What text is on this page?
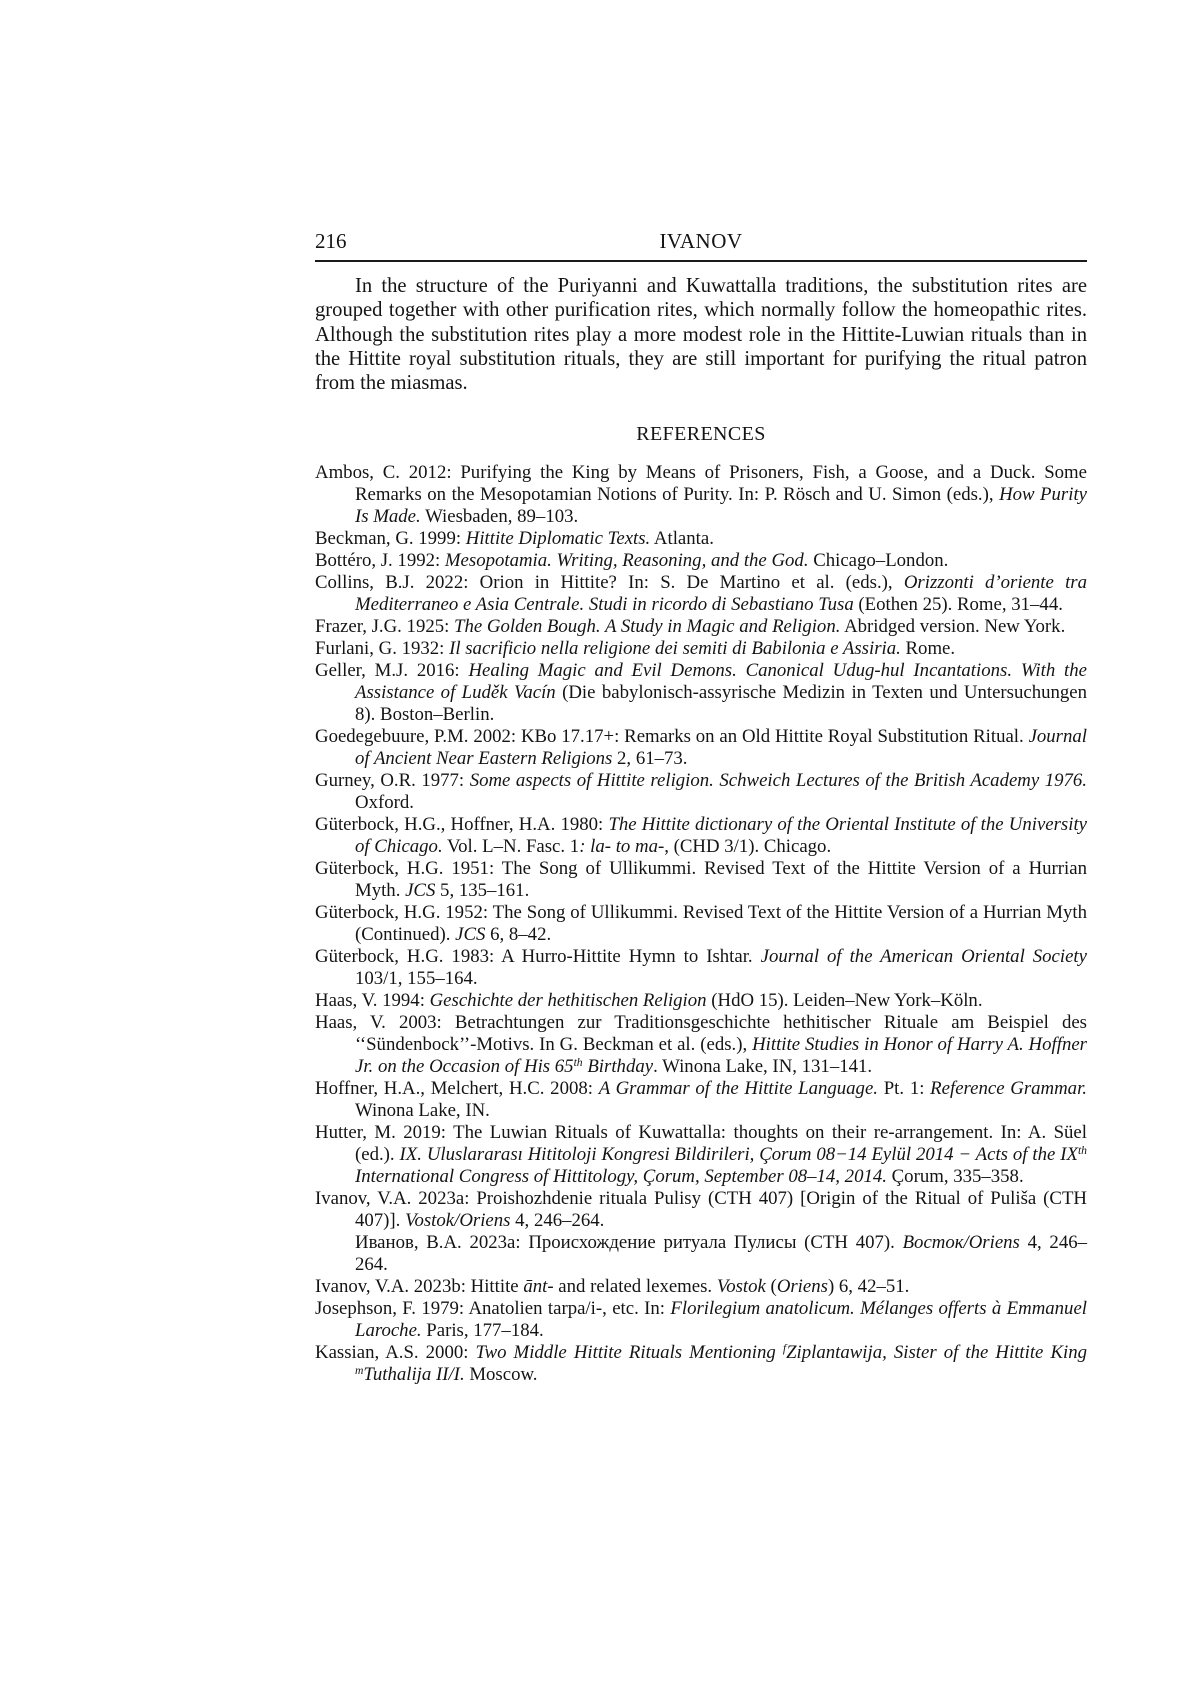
216	IVANOV

In the structure of the Puriyanni and Kuwattalla traditions, the substitution rites are grouped together with other purification rites, which normally follow the homeopathic rites. Although the substitution rites play a more modest role in the Hittite-Luwian rituals than in the Hittite royal substitution rituals, they are still important for purifying the ritual patron from the miasmas.

REFERENCES
Ambos, C. 2012: Purifying the King by Means of Prisoners, Fish, a Goose, and a Duck. Some Remarks on the Mesopotamian Notions of Purity. In: P. Rösch and U. Simon (eds.), How Purity Is Made. Wiesbaden, 89–103.
Beckman, G. 1999: Hittite Diplomatic Texts. Atlanta.
Bottéro, J. 1992: Mesopotamia. Writing, Reasoning, and the God. Chicago–London.
Collins, B.J. 2022: Orion in Hittite? In: S. De Martino et al. (eds.), Orizzonti d’oriente tra Mediterraneo e Asia Centrale. Studi in ricordo di Sebastiano Tusa (Eothen 25). Rome, 31–44.
Frazer, J.G. 1925: The Golden Bough. A Study in Magic and Religion. Abridged version. New York.
Furlani, G. 1932: Il sacrificio nella religione dei semiti di Babilonia e Assiria. Rome.
Geller, M.J. 2016: Healing Magic and Evil Demons. Canonical Udug-hul Incantations. With the Assistance of Luděk Vacín (Die babylonisch-assyrische Medizin in Texten und Untersuchungen 8). Boston–Berlin.
Goedegebuure, P.M. 2002: KBo 17.17+: Remarks on an Old Hittite Royal Substitution Ritual. Journal of Ancient Near Eastern Religions 2, 61–73.
Gurney, O.R. 1977: Some aspects of Hittite religion. Schweich Lectures of the British Academy 1976. Oxford.
Güterbock, H.G., Hoffner, H.A. 1980: The Hittite dictionary of the Oriental Institute of the University of Chicago. Vol. L–N. Fasc. 1: la- to ma-, (CHD 3/1). Chicago.
Güterbock, H.G. 1951: The Song of Ullikummi. Revised Text of the Hittite Version of a Hurrian Myth. JCS 5, 135–161.
Güterbock, H.G. 1952: The Song of Ullikummi. Revised Text of the Hittite Version of a Hurrian Myth (Continued). JCS 6, 8–42.
Güterbock, H.G. 1983: A Hurro-Hittite Hymn to Ishtar. Journal of the American Oriental Society 103/1, 155–164.
Haas, V. 1994: Geschichte der hethitischen Religion (HdO 15). Leiden–New York–Köln.
Haas, V. 2003: Betrachtungen zur Traditionsgeschichte hethitischer Rituale am Beispiel des ‘‘Sündenbock’’-Motivs. In G. Beckman et al. (eds.), Hittite Studies in Honor of Harry A. Hoffner Jr. on the Occasion of His 65th Birthday. Winona Lake, IN, 131–141.
Hoffner, H.A., Melchert, H.C. 2008: A Grammar of the Hittite Language. Pt. 1: Reference Grammar. Winona Lake, IN.
Hutter, M. 2019: The Luwian Rituals of Kuwattalla: thoughts on their re-arrangement. In: A. Süel (ed.). IX. Uluslararası Hititoloji Kongresi Bildirileri, Çorum 08−14 Eylül 2014 − Acts of the IXth International Congress of Hittitology, Çorum, September 08–14, 2014. Çorum, 335–358.
Ivanov, V.A. 2023a: Proishozhdenie rituala Pulisy (CTH 407) [Origin of the Ritual of Puliša (CTH 407)]. Vostok/Oriens 4, 246–264.
Иванов, В.А. 2023а: Происхождение ритуала Пулисы (CTH 407). Восток/Oriens 4, 246–264.
Ivanov, V.A. 2023b: Hittite ānt- and related lexemes. Vostok (Oriens) 6, 42–51.
Josephson, F. 1979: Anatolien tarpa/i-, etc. In: Florilegium anatolicum. Mélanges offerts à Emmanuel Laroche. Paris, 177–184.
Kassian, A.S. 2000: Two Middle Hittite Rituals Mentioning $^f$Ziplantawija, Sister of the Hittite King $^m$Tuthalija II/I. Moscow.
